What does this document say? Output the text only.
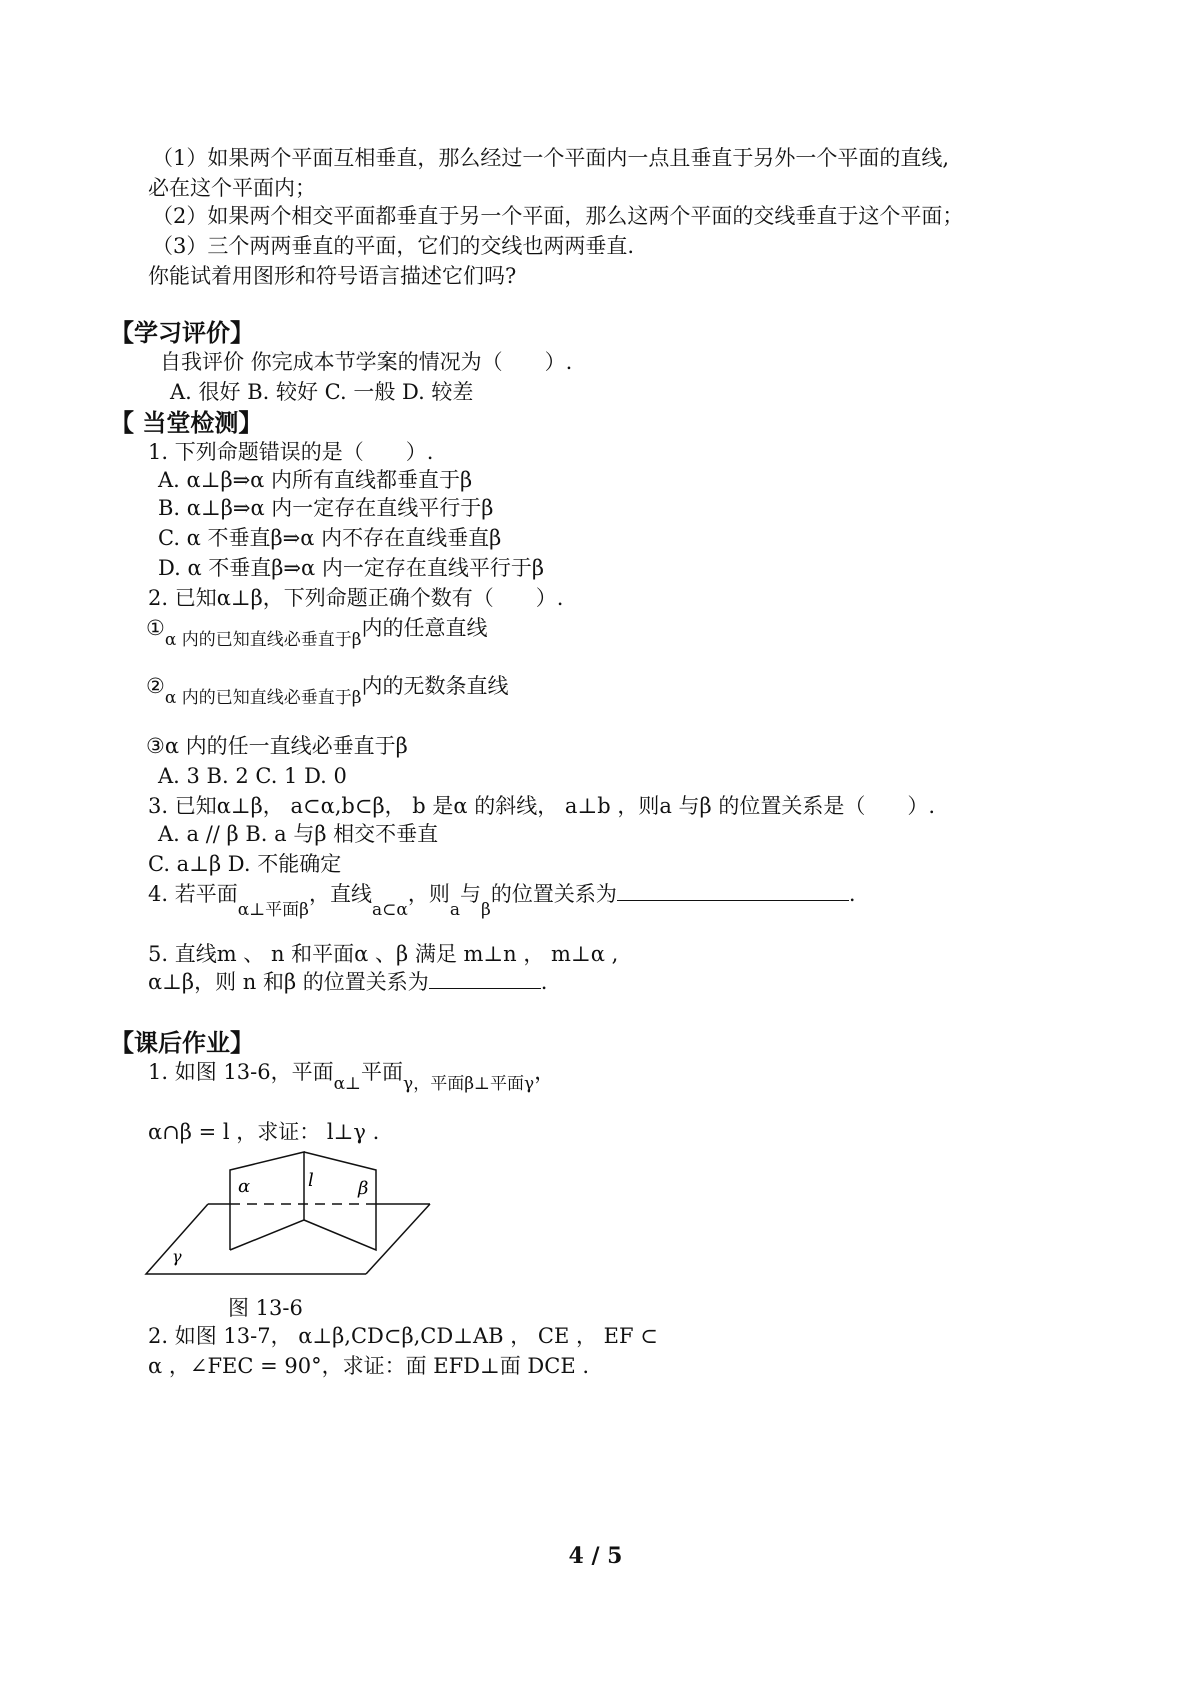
（1）如果两个平面互相垂直，那么经过一个平面内一点且垂直于另外一个平面的直线,
必在这个平面内；
（2）如果两个相交平面都垂直于另一个平面，那么这两个平面的交线垂直于这个平面；
（3）三个两两垂直的平面，它们的交线也两两垂直.
你能试着用图形和符号语言描述它们吗?
【学习评价】
自我评价 你完成本节学案的情况为（　　）.
A. 很好 B. 较好 C. 一般 D. 较差
【 当堂检测】
1. 下列命题错误的是（　　）.
A. α⊥β⇒α 内所有直线都垂直于β
B. α⊥β⇒α 内一定存在直线平行于β
C. α 不垂直β⇒α 内不存在直线垂直β
D. α 不垂直β⇒α 内一定存在直线平行于β
2. 已知α⊥β，下列命题正确个数有（　　）.
$①_{\alpha 内的已知直线必垂直于\beta}$内的任意直线
$②_{\alpha 内的已知直线必垂直于\beta}$内的无数条直线
③α 内的任一直线必垂直于β
A. 3 B. 2 C. 1 D. 0
3. 已知α⊥β， a⊂α,b⊂β， b 是α 的斜线， a⊥b ，则a 与β 的位置关系是（　　）.
A. a // β B. a 与β 相交不垂直
C. a⊥β D. 不能确定
4. 若平面$_{\alpha\perp 平面\beta}$，直线$_{a\subset\alpha}$，则$_a$与$_\beta$的位置关系为	.
5. 直线m 、 n 和平面α 、β 满足 m⊥n ， m⊥α ,
α⊥β，则 n 和β 的位置关系为	.
【课后作业】
1. 如图 13-6，平面$_{\alpha\perp}$平面$_{\gamma,平面\beta\perp 平面\gamma}$，
α∩β = l ，求证： l⊥γ .
α	l β
γ
图 13-6
2. 如图 13-7， α⊥β,CD⊂β,CD⊥AB ， CE ， EF ⊂
α ，∠FEC = 90°，求证：面 EFD⊥面 DCE .
4 / 5
